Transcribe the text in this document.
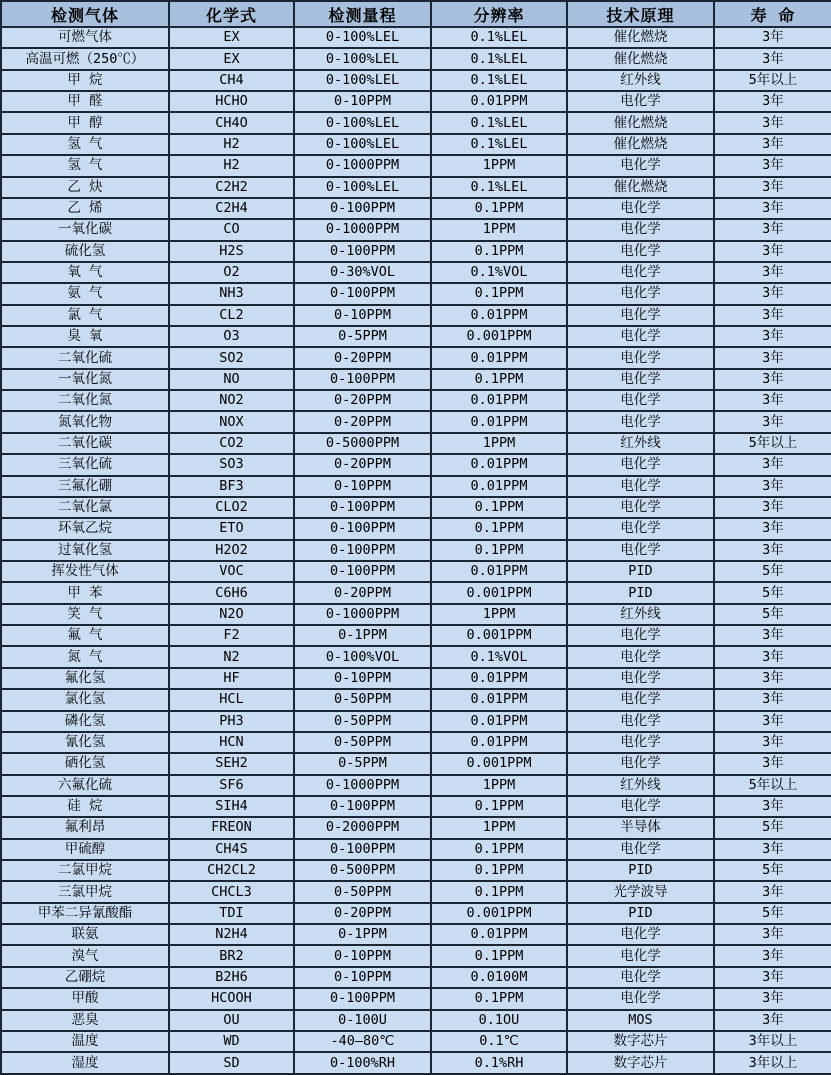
检测气体	化学式	检测量程	分辨率	技术原理	寿 命
可燃气体	EX	0-100%LEL	0.1%LEL	催化燃烧	3年
高温可燃（250℃）	EX	0-100%LEL	0.1%LEL	催化燃烧	3年
甲 烷	CH4	0-100%LEL	0.1%LEL	红外线	5年以上
甲 醛	HCHO	0-10PPM	0.01PPM	电化学	3年
甲 醇	CH4O	0-100%LEL	0.1%LEL	催化燃烧	3年
氢 气	H2	0-100%LEL	0.1%LEL	催化燃烧	3年
氢 气	H2	0-1000PPM	1PPM	电化学	3年
乙 炔	C2H2	0-100%LEL	0.1%LEL	催化燃烧	3年
乙 烯	C2H4	0-100PPM	0.1PPM	电化学	3年
一氧化碳	CO	0-1000PPM	1PPM	电化学	3年
硫化氢	H2S	0-100PPM	0.1PPM	电化学	3年
氧 气	O2	0-30%VOL	0.1%VOL	电化学	3年
氨 气	NH3	0-100PPM	0.1PPM	电化学	3年
氯 气	CL2	0-10PPM	0.01PPM	电化学	3年
臭 氧	O3	0-5PPM	0.001PPM	电化学	3年
二氧化硫	SO2	0-20PPM	0.01PPM	电化学	3年
一氧化氮	NO	0-100PPM	0.1PPM	电化学	3年
二氧化氮	NO2	0-20PPM	0.01PPM	电化学	3年
氮氧化物	NOX	0-20PPM	0.01PPM	电化学	3年
二氧化碳	CO2	0-5000PPM	1PPM	红外线	5年以上
三氧化硫	SO3	0-20PPM	0.01PPM	电化学	3年
三氟化硼	BF3	0-10PPM	0.01PPM	电化学	3年
二氧化氯	CLO2	0-100PPM	0.1PPM	电化学	3年
环氧乙烷	ETO	0-100PPM	0.1PPM	电化学	3年
过氧化氢	H2O2	0-100PPM	0.1PPM	电化学	3年
挥发性气体	VOC	0-100PPM	0.01PPM	PID	5年
甲 苯	C6H6	0-20PPM	0.001PPM	PID	5年
笑 气	N2O	0-1000PPM	1PPM	红外线	5年
氟 气	F2	0-1PPM	0.001PPM	电化学	3年
氮 气	N2	0-100%VOL	0.1%VOL	电化学	3年
氟化氢	HF	0-10PPM	0.01PPM	电化学	3年
氯化氢	HCL	0-50PPM	0.01PPM	电化学	3年
磷化氢	PH3	0-50PPM	0.01PPM	电化学	3年
氰化氢	HCN	0-50PPM	0.01PPM	电化学	3年
硒化氢	SEH2	0-5PPM	0.001PPM	电化学	3年
六氟化硫	SF6	0-1000PPM	1PPM	红外线	5年以上
硅 烷	SIH4	0-100PPM	0.1PPM	电化学	3年
氟利昂	FREON	0-2000PPM	1PPM	半导体	5年
甲硫醇	CH4S	0-100PPM	0.1PPM	电化学	3年
二氯甲烷	CH2CL2	0-500PPM	0.1PPM	PID	5年
三氯甲烷	CHCL3	0-50PPM	0.1PPM	光学波导	3年
甲苯二异氰酸酯	TDI	0-20PPM	0.001PPM	PID	5年
联氨	N2H4	0-1PPM	0.01PPM	电化学	3年
溴气	BR2	0-10PPM	0.1PPM	电化学	3年
乙硼烷	B2H6	0-10PPM	0.0100M	电化学	3年
甲酸	HCOOH	0-100PPM	0.1PPM	电化学	3年
恶臭	OU	0-100U	0.1OU	MOS	3年
温度	WD	-40—80℃	0.1℃	数字芯片	3年以上
湿度	SD	0-100%RH	0.1%RH	数字芯片	3年以上
